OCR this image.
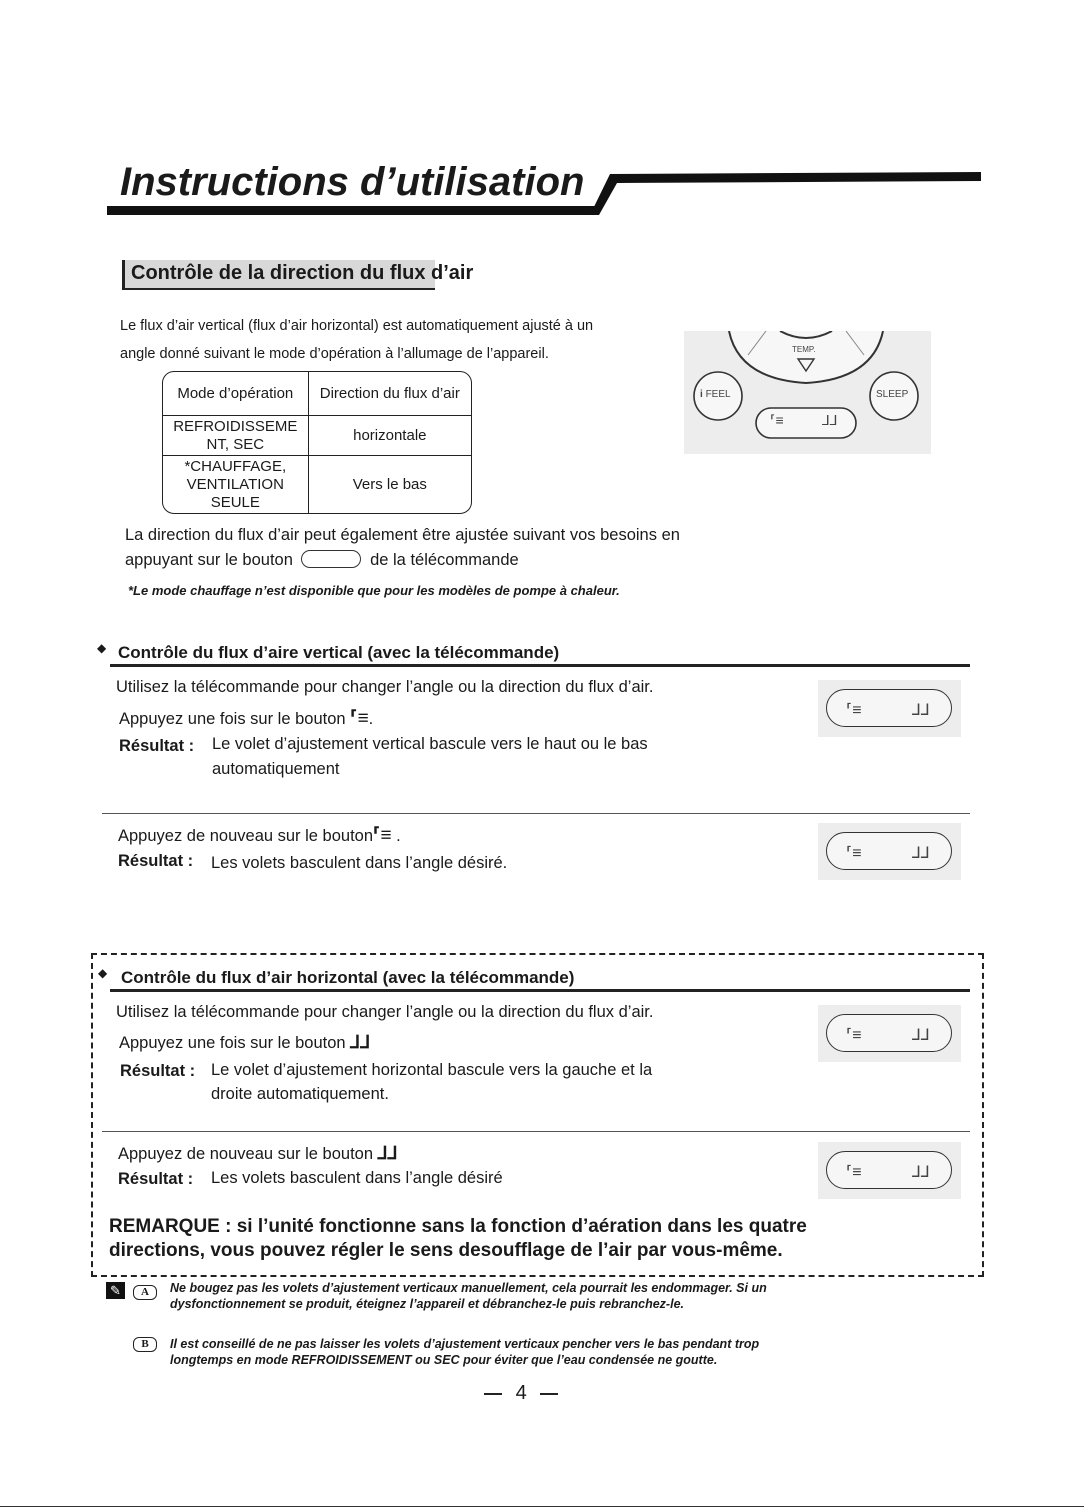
Instructions d’utilisation
Contrôle de la direction du flux d’air
Le flux d’air vertical (flux d’air horizontal) est automatiquement ajusté à un
angle donné suivant le mode d’opération à l’allumage de l’appareil.
Mode d’opération	Direction du flux d’air

REFROIDISSEME
NT, SEC	horizontale

*CHAUFFAGE,
VENTILATION
SEULE	Vers le bas
TEMP.
i FEEL	SLEEP
⸢≡	⅃⅃
La direction du flux d’air peut également être ajustée suivant vos besoins en
appuyant sur le bouton	de la télécommande
*Le mode chauffage n’est disponible que pour les modèles de pompe à chaleur.
◆ Contrôle du flux d’aire vertical (avec la télécommande)
Utilisez la télécommande pour changer l’angle ou la direction du flux d’air.
Appuyez une fois sur le bouton ⸢≡.
Résultat : Le volet d’ajustement vertical bascule vers le haut ou le bas
automatiquement
⸢≡	⅃⅃
Appuyez de nouveau sur le bouton⸢≡ .
Résultat : Les volets basculent dans l’angle désiré.
⸢≡	⅃⅃
◆ Contrôle du flux d’air horizontal (avec la télécommande)
Utilisez la télécommande pour changer l’angle ou la direction du flux d’air.
Appuyez une fois sur le bouton ⅃⅃
Résultat : Le volet d’ajustement horizontal bascule vers la gauche et la
droite automatiquement.
⸢≡	⅃⅃
Appuyez de nouveau sur le bouton ⅃⅃
Résultat : Les volets basculent dans l’angle désiré	⸢≡	⅃⅃
REMARQUE : si l’unité fonctionne sans la fonction d’aération dans les quatre
directions, vous pouvez régler le sens desoufflage de l’air par vous-même.
✎	A	Ne bougez pas les volets d’ajustement verticaux manuellement, cela pourrait les endommager. Si un
dysfonctionnement se produit, éteignez l’appareil et débranchez-le puis rebranchez-le.
B	Il est conseillé de ne pas laisser les volets d’ajustement verticaux pencher vers le bas pendant trop
longtemps en mode REFROIDISSEMENT ou SEC pour éviter que l’eau condensée ne goutte.
4
